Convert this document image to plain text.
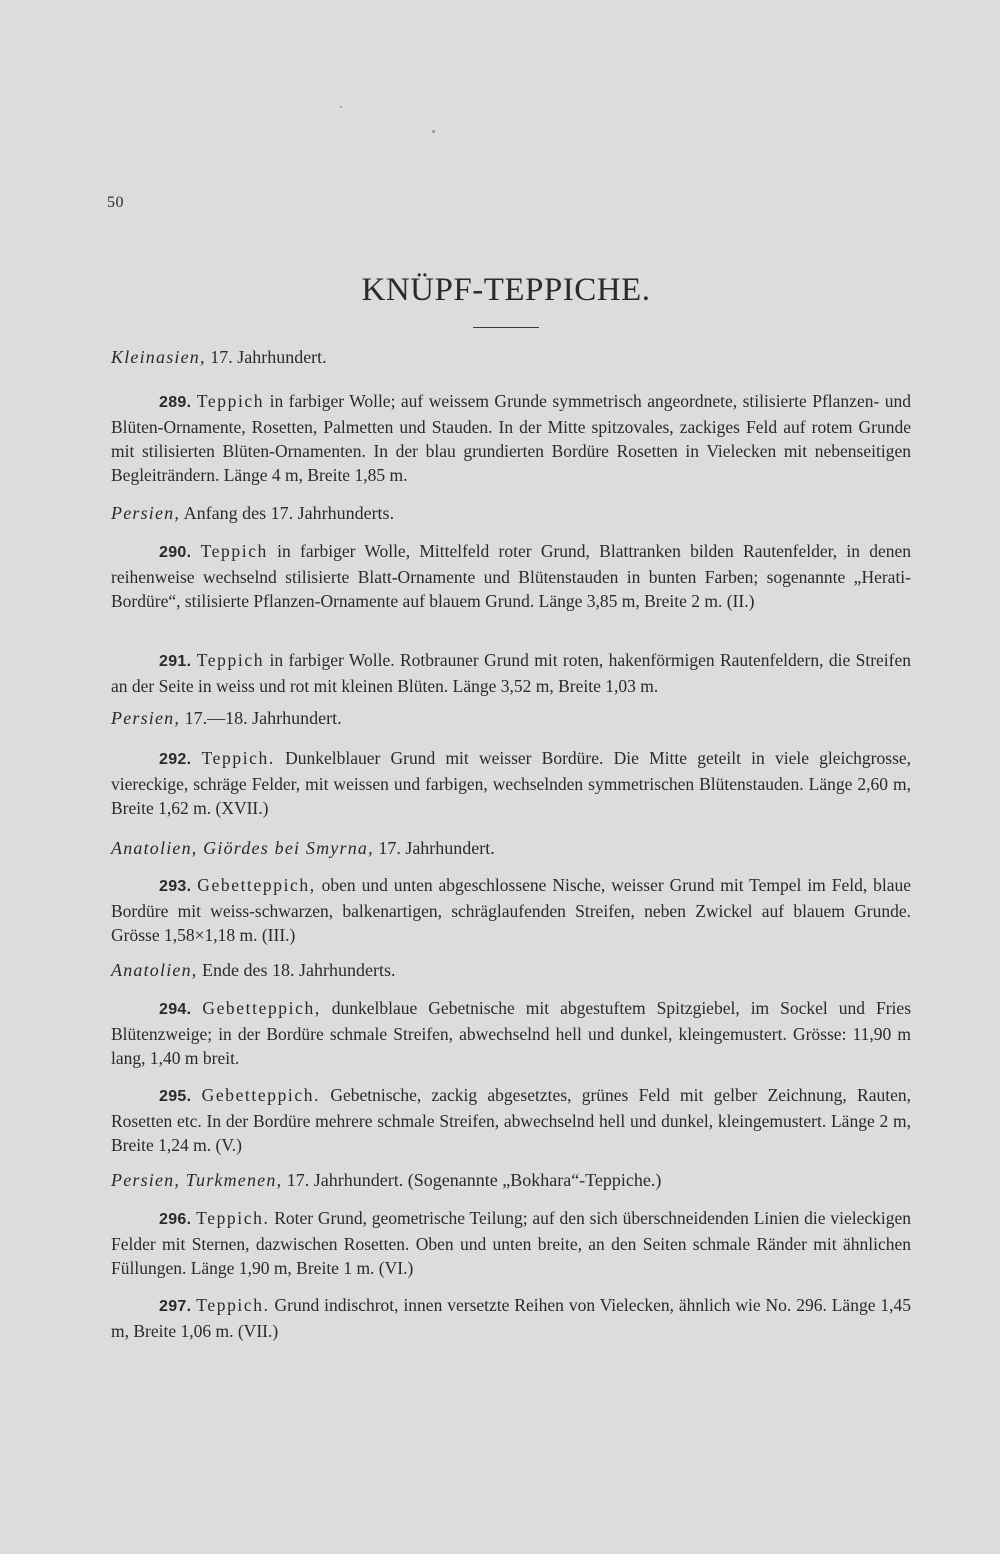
50
KNÜPF-TEPPICHE.
Kleinasien, 17. Jahrhundert.

289. Teppich in farbiger Wolle; auf weissem Grunde symmetrisch angeordnete, stilisierte Pflanzen- und Blüten-Ornamente, Rosetten, Palmetten und Stauden. In der Mitte spitzovales, zackiges Feld auf rotem Grunde mit stilisierten Blüten-Ornamenten. In der blau grundierten Bordüre Rosetten in Vielecken mit nebenseitigen Begleiträndern. Länge 4 m, Breite 1,85 m.

Persien, Anfang des 17. Jahrhunderts.

290. Teppich in farbiger Wolle, Mittelfeld roter Grund, Blattranken bilden Rautenfelder, in denen reihenweise wechselnd stilisierte Blatt-Ornamente und Blütenstauden in bunten Farben; sogenannte „Herati-Bordüre“, stilisierte Pflanzen-Ornamente auf blauem Grund. Länge 3,85 m, Breite 2 m. (II.)

291. Teppich in farbiger Wolle. Rotbrauner Grund mit roten, hakenförmigen Rautenfeldern, die Streifen an der Seite in weiss und rot mit kleinen Blüten. Länge 3,52 m, Breite 1,03 m.

Persien, 17.—18. Jahrhundert.

292. Teppich. Dunkelblauer Grund mit weisser Bordüre. Die Mitte geteilt in viele gleichgrosse, viereckige, schräge Felder, mit weissen und farbigen, wechselnden symmetrischen Blütenstauden. Länge 2,60 m, Breite 1,62 m. (XVII.)

Anatolien, Giördes bei Smyrna, 17. Jahrhundert.

293. Gebetteppich, oben und unten abgeschlossene Nische, weisser Grund mit Tempel im Feld, blaue Bordüre mit weiss-schwarzen, balkenartigen, schräglaufenden Streifen, neben Zwickel auf blauem Grunde. Grösse 1,58×1,18 m. (III.)

Anatolien, Ende des 18. Jahrhunderts.

294. Gebetteppich, dunkelblaue Gebetnische mit abgestuftem Spitzgiebel, im Sockel und Fries Blütenzweige; in der Bordüre schmale Streifen, abwechselnd hell und dunkel, kleingemustert. Grösse: 11,90 m lang, 1,40 m breit.

295. Gebetteppich. Gebetnische, zackig abgesetztes, grünes Feld mit gelber Zeichnung, Rauten, Rosetten etc. In der Bordüre mehrere schmale Streifen, abwechselnd hell und dunkel, kleingemustert. Länge 2 m, Breite 1,24 m. (V.)

Persien, Turkmenen, 17. Jahrhundert. (Sogenannte „Bokhara“-Teppiche.)

296. Teppich. Roter Grund, geometrische Teilung; auf den sich überschneidenden Linien die vieleckigen Felder mit Sternen, dazwischen Rosetten. Oben und unten breite, an den Seiten schmale Ränder mit ähnlichen Füllungen. Länge 1,90 m, Breite 1 m. (VI.)

297. Teppich. Grund indischrot, innen versetzte Reihen von Vielecken, ähnlich wie No. 296. Länge 1,45 m, Breite 1,06 m. (VII.)
